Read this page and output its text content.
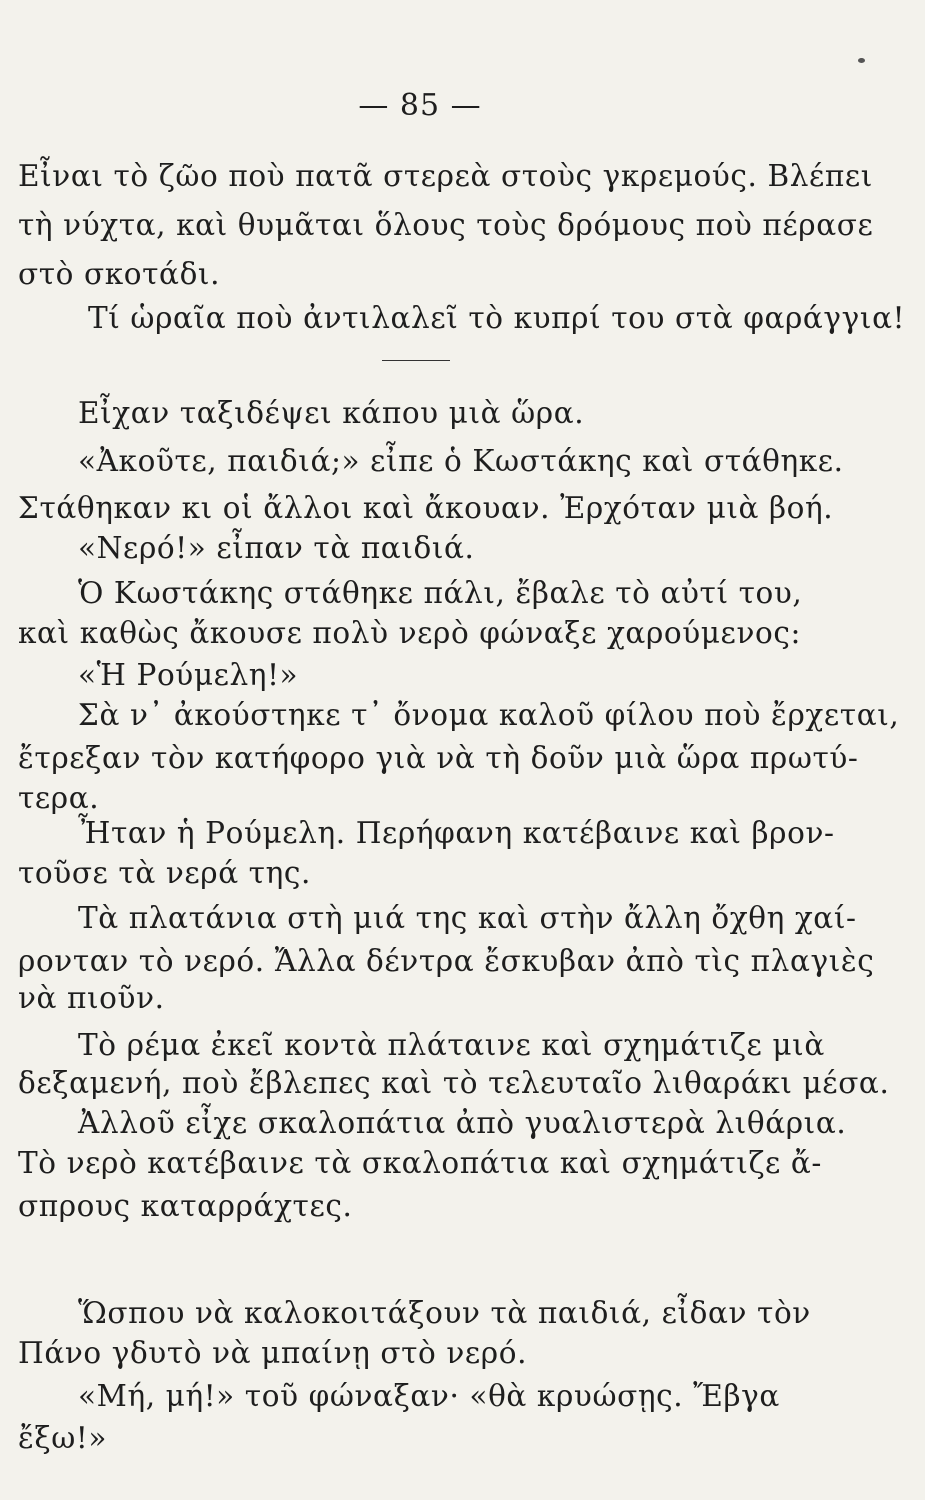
— 85 —
Εἶναι τὸ ζῶο ποὺ πατᾶ στερεὰ στοὺς γκρεμούς. Βλέπει
τὴ νύχτα, καὶ θυμᾶται ὅλους τοὺς δρόμους ποὺ πέρασε
στὸ σκοτάδι.
Τί ὡραῖα ποὺ ἀντιλαλεῖ τὸ κυπρί του στὰ φαράγγια!
Εἶχαν ταξιδέψει κάπου μιὰ ὥρα.
«Ἀκοῦτε, παιδιά;» εἶπε ὁ Κωστάκης καὶ στάθηκε.
Στάθηκαν κι οἱ ἄλλοι καὶ ἄκουαν. Ἐρχόταν μιὰ βοή.
«Νερό!» εἶπαν τὰ παιδιά.
Ὁ Κωστάκης στάθηκε πάλι, ἔβαλε τὸ αὐτί του,
καὶ καθὼς ἄκουσε πολὺ νερὸ φώναξε χαρούμενος:
«Ἡ Ρούμελη!»
Σὰ ν᾽ ἀκούστηκε τ᾽ ὄνομα καλοῦ φίλου ποὺ ἔρχεται,
ἔτρεξαν τὸν κατήφορο γιὰ νὰ τὴ δοῦν μιὰ ὥρα πρωτύ-
τερα.
Ἦταν ἡ Ρούμελη. Περήφανη κατέβαινε καὶ βρον-
τοῦσε τὰ νερά της.
Τὰ πλατάνια στὴ μιά της καὶ στὴν ἄλλη ὄχθη χαί-
ρονταν τὸ νερό. Ἄλλα δέντρα ἔσκυβαν ἀπὸ τὶς πλαγιὲς
νὰ πιοῦν.
Τὸ ρέμα ἐκεῖ κοντὰ πλάταινε καὶ σχημάτιζε μιὰ
δεξαμενή, ποὺ ἔβλεπες καὶ τὸ τελευταῖο λιθαράκι μέσα.
Ἀλλοῦ εἶχε σκαλοπάτια ἀπὸ γυαλιστερὰ λιθάρια.
Τὸ νερὸ κατέβαινε τὰ σκαλοπάτια καὶ σχημάτιζε ἄ-
σπρους καταρράχτες.
Ὥσπου νὰ καλοκοιτάξουν τὰ παιδιά, εἶδαν τὸν
Πάνο γδυτὸ νὰ μπαίνῃ στὸ νερό.
«Μή, μή!» τοῦ φώναξαν· «θὰ κρυώσῃς. Ἔβγα
ἔξω!»
